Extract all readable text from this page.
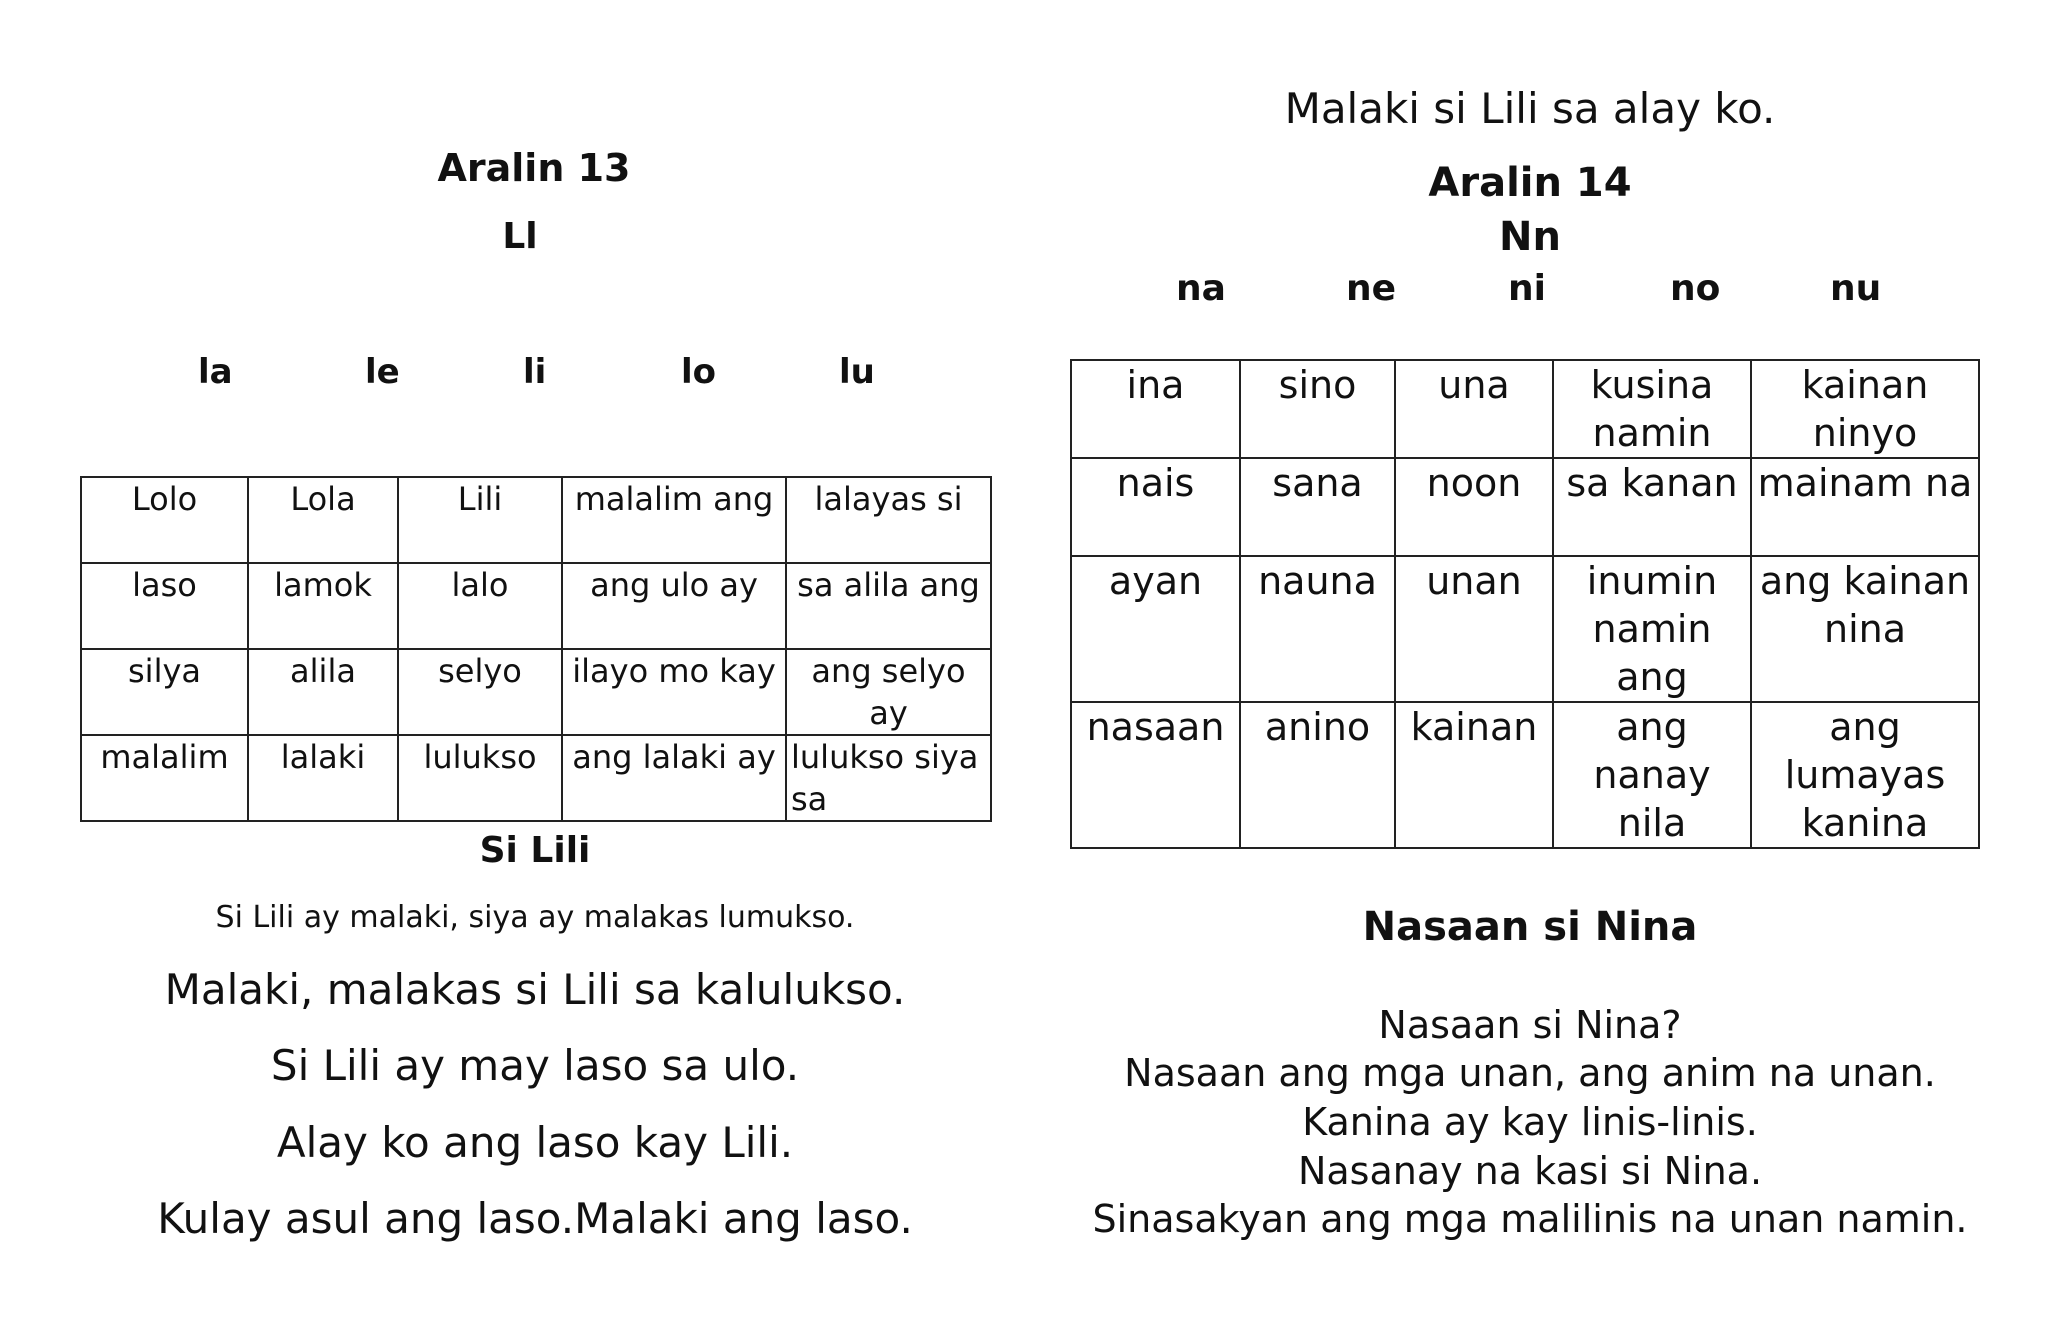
Aralin 13
Ll
la	le	li	lo	lu
Lolo	Lola	Lili	malalim ang	lalayas si
laso	lamok	lalo	ang ulo ay	sa alila ang
silya	alila	selyo	ilayo mo kay	ang selyo ay
malalim	lalaki	lulukso	ang lalaki ay	lulukso siya sa
Si Lili
Si Lili ay malaki, siya ay malakas lumukso.
Malaki, malakas si Lili sa kalulukso.
Si Lili ay may laso sa ulo.
Alay ko ang laso kay Lili.
Kulay asul ang laso.Malaki ang laso.
Malaki si Lili sa alay ko.
Aralin 14
Nn
na	ne	ni	no	nu
ina	sino	una	kusina namin	kainan ninyo
nais	sana	noon	sa kanan	mainam na
ayan	nauna	unan	inumin namin ang	ang kainan nina
nasaan	anino	kainan	ang nanay nila	ang lumayas kanina
Nasaan si Nina
Nasaan si Nina?
Nasaan ang mga unan, ang anim na unan.
Kanina ay kay linis-linis.
Nasanay na kasi si Nina.
Sinasakyan ang mga malilinis na unan namin.
